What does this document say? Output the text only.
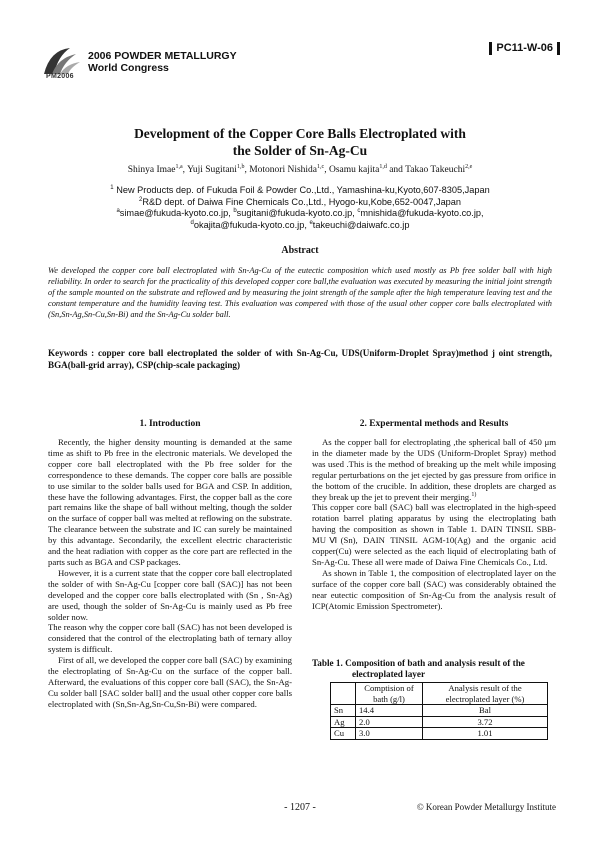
2006 POWDER METALLURGY
World Congress
PM2006
PC11-W-06
Development of the Copper Core Balls Electroplated with
the Solder of Sn-Ag-Cu
Shinya Imae$^{1,a}$, Yuji Sugitani$^{1,b}$, Motonori Nishida$^{1,c}$, Osamu kajita$^{1,d}$ and Takao Takeuchi$^{2,e}$
$^1$ New Products dep. of Fukuda Foil & Powder Co.,Ltd., Yamashina-ku,Kyoto,607-8305,Japan
$^2$R&D dept. of Daiwa Fine Chemicals Co.,Ltd., Hyogo-ku,Kobe,652-0047,Japan
$^a$simae@fukuda-kyoto.co.jp, $^b$sugitani@fukuda-kyoto.co.jp, $^c$mnishida@fukuda-kyoto.co.jp,
$^d$okajita@fukuda-kyoto.co.jp, $^e$takeuchi@daiwafc.co.jp
Abstract
We developed the copper core ball electroplated with Sn-Ag-Cu of the eutectic composition which used mostly as Pb free solder ball with high reliability. In order to search for the practicality of this developed copper core ball,the evaluation was executed by measuring the initial joint strength of the sample mounted on the substrate and reflowed and by measuring the joint strength of the sample after the high temperature leaving test and the constant temperature and the humidity leaving test. This evaluation was compered with those of the usual other copper core balls electroplated with (Sn,Sn-Ag,Sn-Cu,Sn-Bi) and the Sn-Ag-Cu solder ball.
Keywords : copper core ball electroplated the solder of with Sn-Ag-Cu, UDS(Uniform-Droplet Spray)method j oint strength, BGA(ball-grid array), CSP(chip-scale packaging)
1. Introduction	2. Expermental methods and Results

Recently, the higher density mounting is demanded at the same time as shift to Pb free in the electronic materials. We developed the copper core ball electroplated with the Pb free solder for the correspondence to these demands. The copper core balls are possible to use similar to the solder balls used for BGA and CSP. In addition, these have the following advantages. First, the copper ball as the core part remains like the shape of ball without melting, though the solder on the surface of copper ball was melted at reflowing on the substrate. The clearance between the substrate and IC can surely be maintained by this advantage. Secondarily, the excellent electric characteristic and the heat radiation with copper as the core part are reflected in the parts such as BGA and CSP packages.

However, it is a current state that the copper core ball electroplated the solder of with Sn-Ag-Cu [copper core ball (SAC)] has not been developed and the copper core balls electroplated with (Sn , Sn-Ag) are used, though the solder of Sn-Ag-Cu is mainly used as Pb free solder now.

The reason why the copper core ball (SAC) has not been developed is considered that the control of the electroplating bath of ternary alloy system is difficult.

First of all, we developed the copper core ball (SAC) by examining the electroplating of Sn-Ag-Cu on the surface of the copper ball. Afterward, the evaluations of this copper core ball (SAC), the Sn-Ag-Cu solder ball [SAC solder ball] and the usual other copper core balls electroplated with (Sn,Sn-Ag,Sn-Cu,Sn-Bi) were compared.

As the copper ball for electroplating ,the spherical ball of 450 μm in the diameter made by the UDS (Uniform-Droplet Spray) method was used .This is the method of breaking up the melt while imposing regular perturbations on the jet ejected by gas pressure from orifice in the bottom of the crucible. In addition, these droplets are charged as they break up the jet to prevent their merging.$^{1)}$

This copper core ball (SAC) ball was electroplated in the high-speed rotation barrel plating apparatus by using the electroplating bath having the composition as shown in Table 1. DAIN TINSIL SBB-MUⅥ(Sn), DAIN TINSIL AGM-10(Ag) and the organic acid copper(Cu) were selected as the each liquid of electroplating bath of Sn-Ag-Cu. These all were made of Daiwa Fine Chemicals Co., Ltd.

As shown in Table 1, the composition of electroplated layer on the surface of the copper core ball (SAC) was considerably obtained the near eutectic composition of Sn-Ag-Cu from the analysis result of ICP(Atomic Emission Spectrometer).

Table 1. Composition of bath and analysis result of the
electroplated layer
	Comptision of bath (g/l)	Analysis result of the electroplated layer (%)
Sn	14.4	Bal
Ag	2.0	3.72
Cu	3.0	1.01
- 1207 -	© Korean Powder Metallurgy Institute
